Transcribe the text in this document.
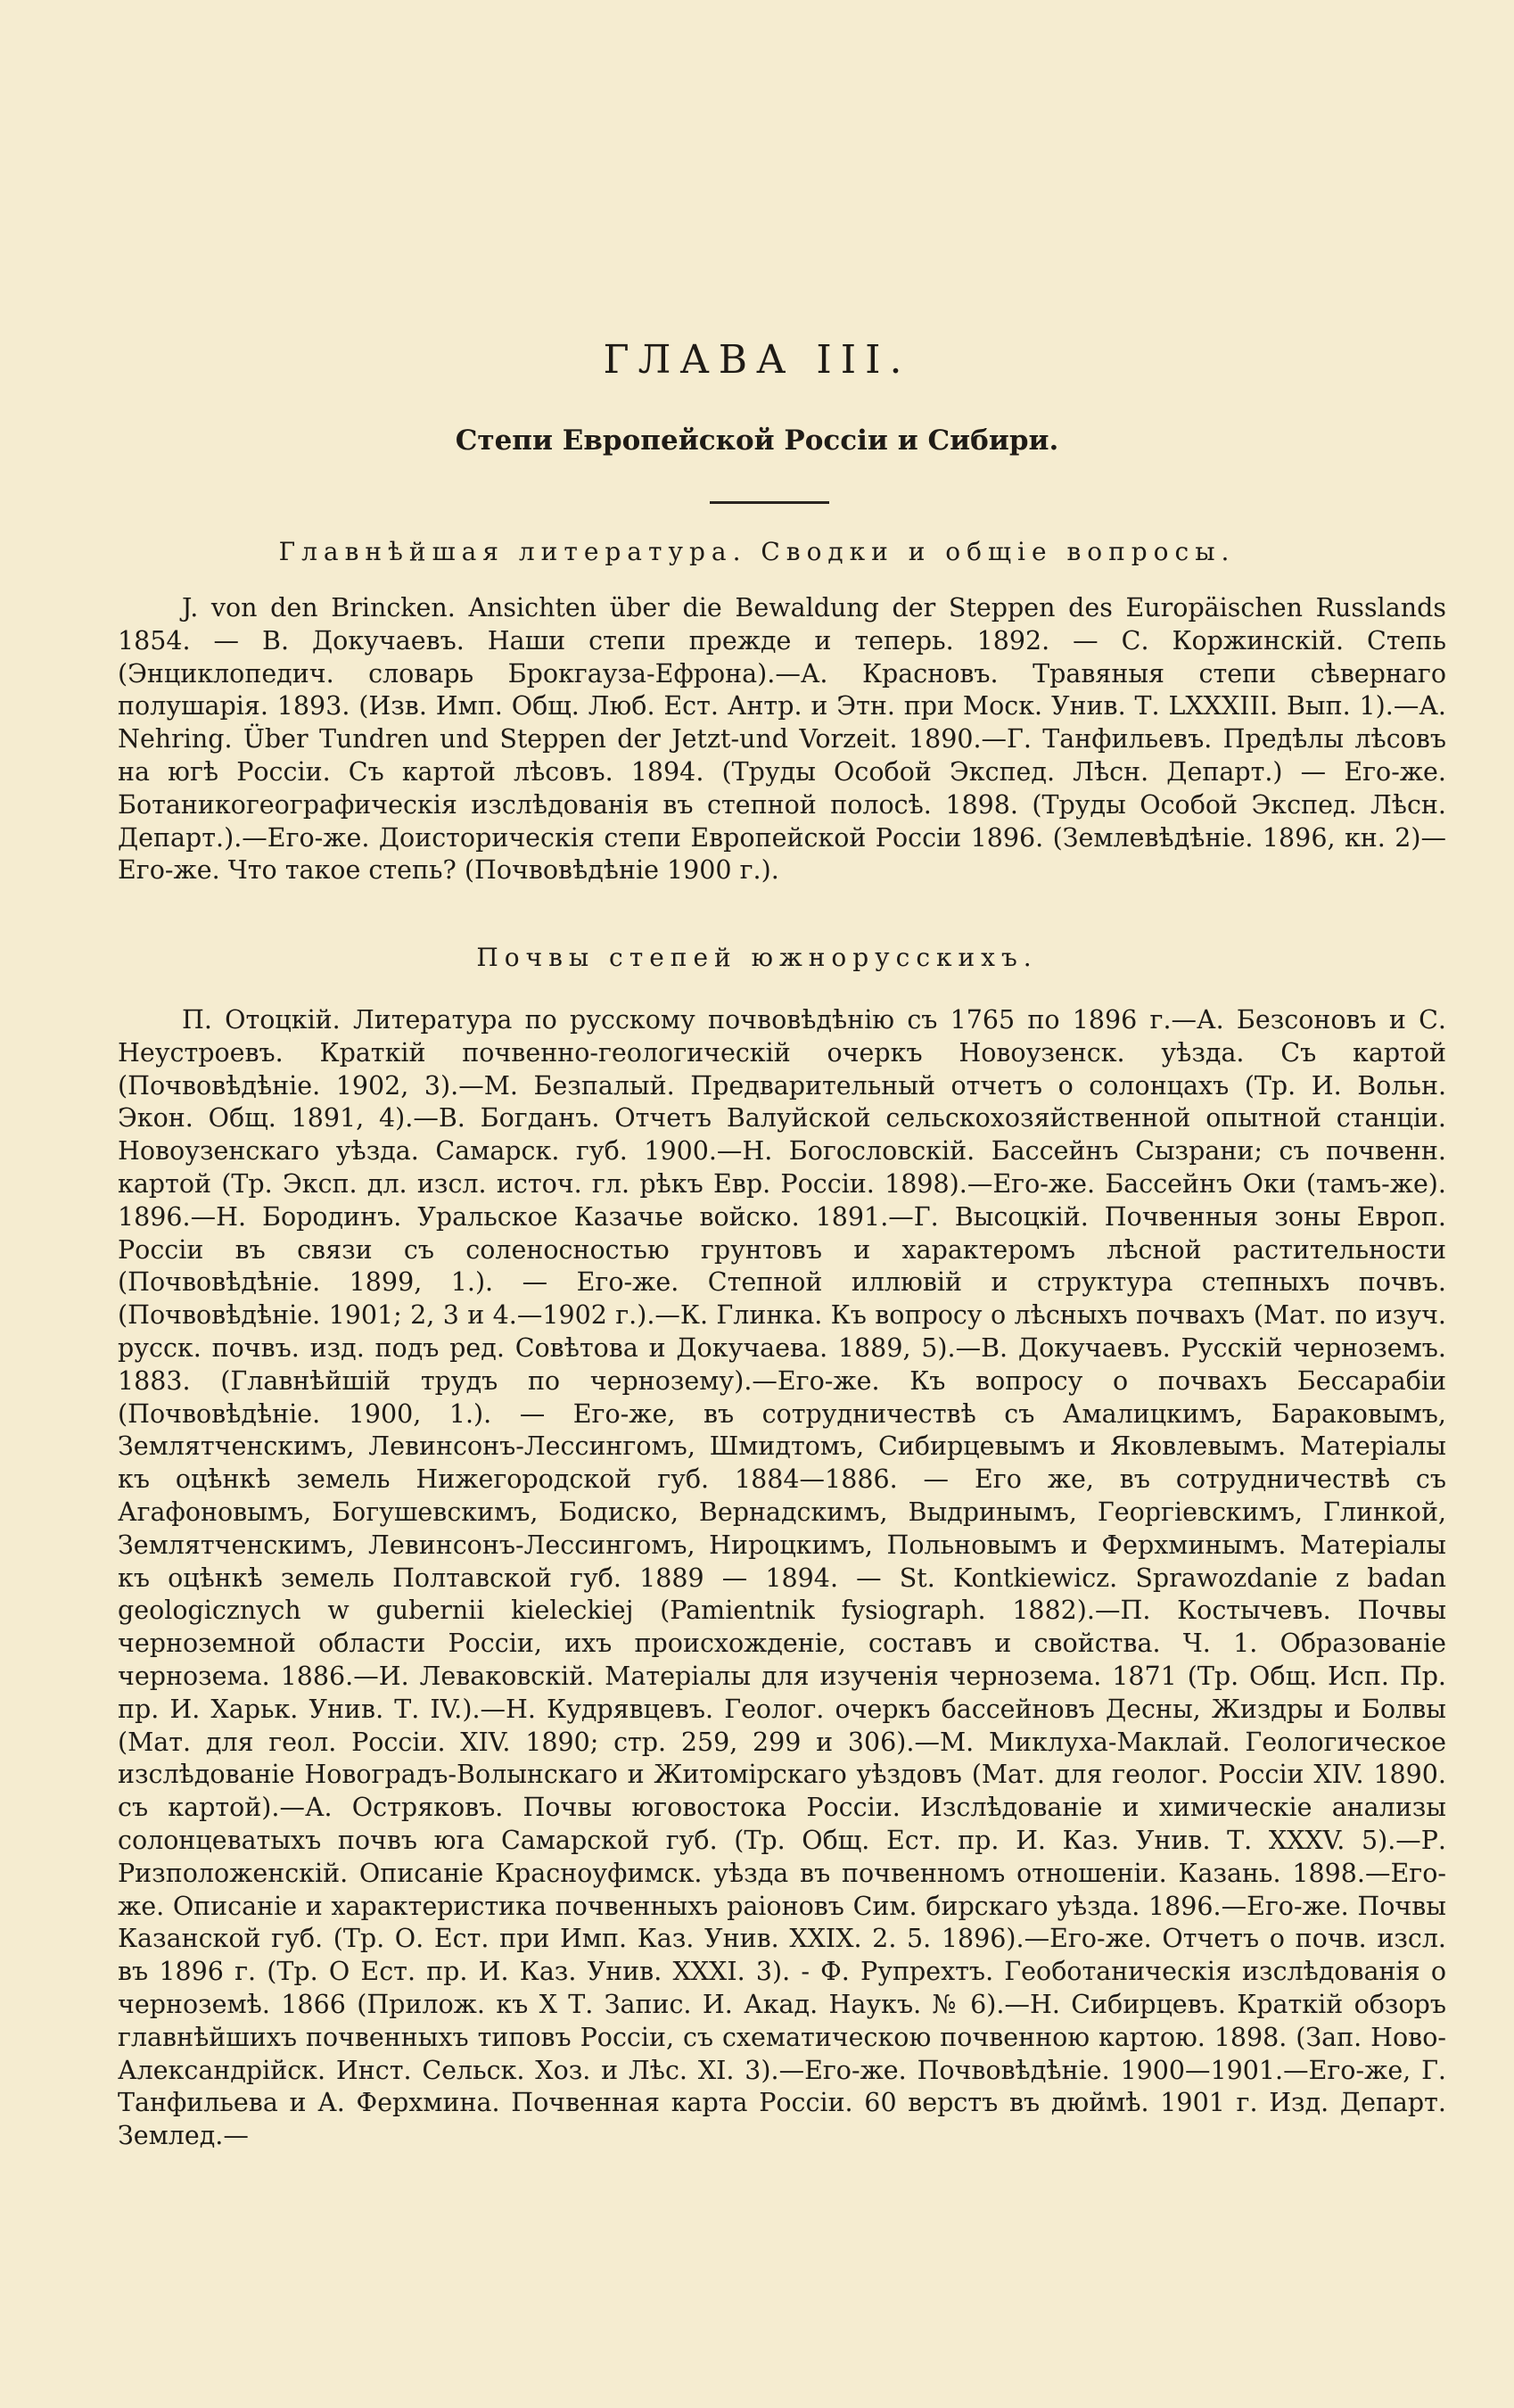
ГЛАВА III.
Степи Европейской Россіи и Сибири.
Главнѣйшая литература. Сводки и общіе вопросы.
J. von den Brincken. Ansichten über die Bewaldung der Steppen des Europäischen Russlands 1854. — В. Докучаевъ. Наши степи прежде и теперь. 1892. — С. Коржинскій. Степь (Энциклопедич. словарь Брокгауза-Ефрона).—А. Красновъ. Травяныя степи сѣвернаго полушарія. 1893. (Изв. Имп. Общ. Люб. Ест. Антр. и Этн. при Моск. Унив. Т. LXXXIII. Вып. 1).—А. Nehring. Über Tundren und Steppen der Jetzt-und Vorzeit. 1890.—Г. Танфильевъ. Предѣлы лѣсовъ на югѣ Россіи. Съ картой лѣсовъ. 1894. (Труды Особой Экспед. Лѣсн. Департ.) — Его-же. Ботаникогеографическія изслѣдованія въ степной полосѣ. 1898. (Труды Особой Экспед. Лѣсн. Департ.).—Его-же. Доисторическія степи Европейской Россіи 1896. (Землевѣдѣніе. 1896, кн. 2)—Его-же. Что такое степь? (Почвовѣдѣніе 1900 г.).
Почвы степей южнорусскихъ.
П. Отоцкій. Литература по русскому почвовѣдѣнію съ 1765 по 1896 г.—А. Безсоновъ и С. Неустроевъ. Краткій почвенно-геологическій очеркъ Новоузенск. уѣзда. Съ картой (Почвовѣдѣніе. 1902, 3).—М. Безпалый. Предварительный отчетъ о солонцахъ (Тр. И. Вольн. Экон. Общ. 1891, 4).—В. Богданъ. Отчетъ Валуйской сельскохозяйственной опытной станціи. Новоузенскаго уѣзда. Самарск. губ. 1900.—Н. Богословскій. Бассейнъ Сызрани; съ почвенн. картой (Тр. Эксп. дл. изсл. источ. гл. рѣкъ Евр. Россіи. 1898).—Его-же. Бассейнъ Оки (тамъ-же). 1896.—Н. Бородинъ. Уральское Казачье войско. 1891.—Г. Высоцкій. Почвенныя зоны Европ. Россіи въ связи съ соленосностью грунтовъ и характеромъ лѣсной растительности (Почвовѣдѣніе. 1899, 1.). — Его-же. Степной иллювій и структура степныхъ почвъ. (Почвовѣдѣніе. 1901; 2, 3 и 4.—1902 г.).—К. Глинка. Къ вопросу о лѣсныхъ почвахъ (Мат. по изуч. русск. почвъ. изд. подъ ред. Совѣтова и Докучаева. 1889, 5).—В. Докучаевъ. Русскій черноземъ. 1883. (Главнѣйшій трудъ по чернозему).—Его-же. Къ вопросу о почвахъ Бессарабіи (Почвовѣдѣніе. 1900, 1.). — Его-же, въ сотрудничествѣ съ Амалицкимъ, Бараковымъ, Землятченскимъ, Левинсонъ-Лессингомъ, Шмидтомъ, Сибирцевымъ и Яковлевымъ. Матеріалы къ оцѣнкѣ земель Нижегородской губ. 1884—1886. — Его же, въ сотрудничествѣ съ Агафоновымъ, Богушевскимъ, Бодиско, Вернадскимъ, Выдринымъ, Георгіевскимъ, Глинкой, Землятченскимъ, Левинсонъ-Лессингомъ, Нироцкимъ, Польновымъ и Ферхминымъ. Матеріалы къ оцѣнкѣ земель Полтавской губ. 1889 — 1894. — St. Kontkiewicz. Sprawozdanie z badan geologicznych w gubernii kieleckiej (Pamientnik fysiograph. 1882).—П. Костычевъ. Почвы черноземной области Россіи, ихъ происхожденіе, составъ и свойства. Ч. 1. Образованіе чернозема. 1886.—И. Леваковскій. Матеріалы для изученія чернозема. 1871 (Тр. Общ. Исп. Пр. пр. И. Харьк. Унив. Т. IV.).—Н. Кудрявцевъ. Геолог. очеркъ бассейновъ Десны, Жиздры и Болвы (Мат. для геол. Россіи. XIV. 1890; стр. 259, 299 и 306).—М. Миклуха-Маклай. Геологическое изслѣдованіе Новоградъ-Волынскаго и Житомірскаго уѣздовъ (Мат. для геолог. Россіи XIV. 1890. съ картой).—А. Остряковъ. Почвы юговостока Россіи. Изслѣдованіе и химическіе анализы солонцеватыхъ почвъ юга Самарской губ. (Тр. Общ. Ест. пр. И. Каз. Унив. Т. XXXV. 5).—Р. Ризположенскій. Описаніе Красноуфимск. уѣзда въ почвенномъ отношеніи. Казань. 1898.—Его-же. Описаніе и характеристика почвенныхъ раіоновъ Сим. бирскаго уѣзда. 1896.—Его-же. Почвы Казанской губ. (Тр. О. Ест. при Имп. Каз. Унив. XXIX. 2. 5. 1896).—Его-же. Отчетъ о почв. изсл. въ 1896 г. (Тр. О Ест. пр. И. Каз. Унив. XXXI. 3). - Ф. Рупрехтъ. Геоботаническія изслѣдованія о черноземѣ. 1866 (Прилож. къ X Т. Запис. И. Акад. Наукъ. № 6).—Н. Сибирцевъ. Краткій обзоръ главнѣйшихъ почвенныхъ типовъ Россіи, съ схематическою почвенною картою. 1898. (Зап. Ново-Александрійск. Инст. Сельск. Хоз. и Лѣс. XI. 3).—Его-же. Почвовѣдѣніе. 1900—1901.—Его-же, Г. Танфильева и А. Ферхмина. Почвенная карта Россіи. 60 верстъ въ дюймѣ. 1901 г. Изд. Департ. Землед.—
